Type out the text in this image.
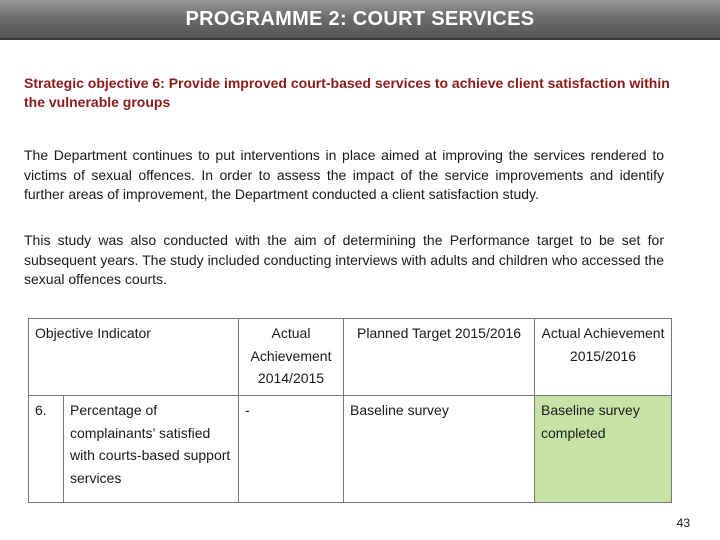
PROGRAMME 2: COURT SERVICES
Strategic objective 6: Provide improved court-based services to achieve client satisfaction within the vulnerable groups

The Department continues to put interventions in place aimed at improving the services rendered to victims of sexual offences. In order to assess the impact of the service improvements and identify further areas of improvement, the Department conducted a client satisfaction study.

This study was also conducted with the aim of determining the Performance target to be set for subsequent years. The study included conducting interviews with adults and children who accessed the sexual offences courts.

Objective Indicator		Actual Achievement 2014/2015	Planned Target 2015/2016	Actual Achievement 2015/2016
6.	Percentage of complainants’ satisfied with courts-based support services	-	Baseline survey	Baseline survey completed
43
